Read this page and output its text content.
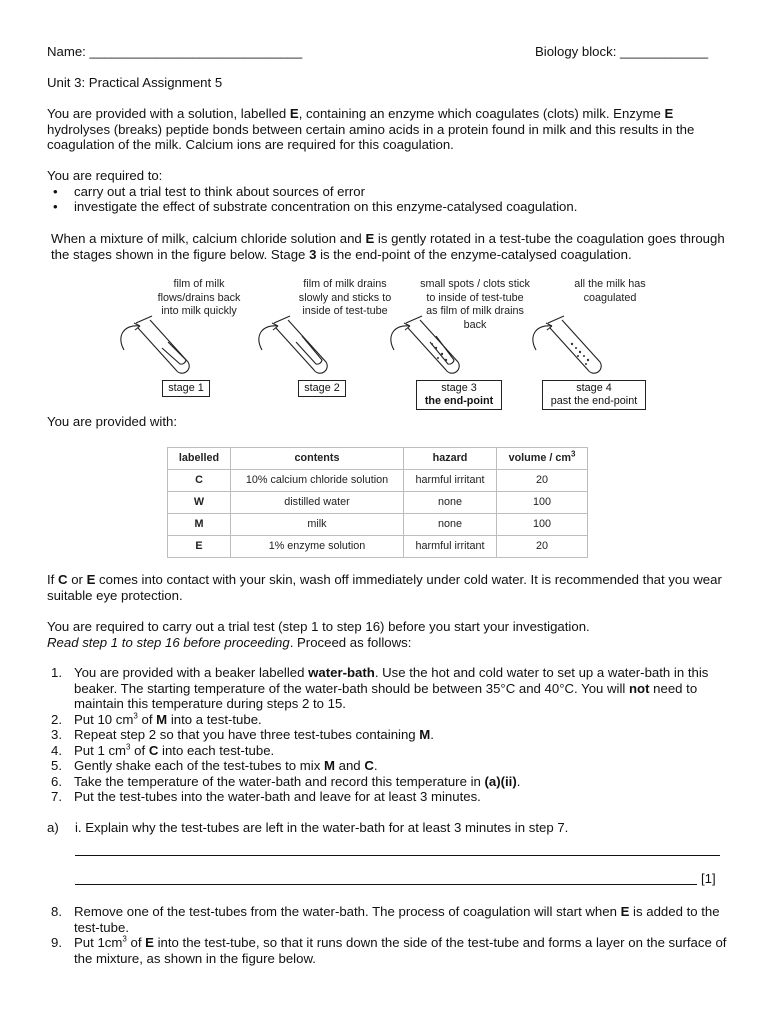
Name: _____________________________	Biology block: ____________
Unit 3: Practical Assignment 5

You are provided with a solution, labelled E, containing an enzyme which coagulates (clots) milk. Enzyme E hydrolyses (breaks) peptide bonds between certain amino acids in a protein found in milk and this results in the coagulation of the milk. Calcium ions are required for this coagulation.

You are required to:
• carry out a trial test to think about sources of error
• investigate the effect of substrate concentration on this enzyme-catalysed coagulation.

When a mixture of milk, calcium chloride solution and E is gently rotated in a test-tube the coagulation goes through the stages shown in the figure below. Stage 3 is the end-point of the enzyme-catalysed coagulation.

film of milk flows/drains back into milk quickly
film of milk drains slowly and sticks to inside of test-tube
small spots / clots stick to inside of test-tube as film of milk drains back
all the milk has coagulated
stage 1	stage 2	stage 3
the end-point
stage 4
past the end-point
You are provided with:
labelled	contents	hazard	volume / $cm^3$
C	10% calcium chloride solution	harmful irritant	20
W	distilled water	none	100
M	milk	none	100
E	1% enzyme solution	harmful irritant	20

If C or E comes into contact with your skin, wash off immediately under cold water. It is recommended that you wear suitable eye protection.

You are required to carry out a trial test (step 1 to step 16) before you start your investigation.
Read step 1 to step 16 before proceeding. Proceed as follows:

1. You are provided with a beaker labelled water-bath. Use the hot and cold water to set up a water-bath in this beaker. The starting temperature of the water-bath should be between 35°C and 40°C. You will not need to maintain this temperature during steps 2 to 15.
2. Put 10 $cm^3$ of M into a test-tube.
3. Repeat step 2 so that you have three test-tubes containing M.
4. Put 1 $cm^3$ of C into each test-tube.
5. Gently shake each of the test-tubes to mix M and C.
6. Take the temperature of the water-bath and record this temperature in (a)(ii).
7. Put the test-tubes into the water-bath and leave for at least 3 minutes.
a) i. Explain why the test-tubes are left in the water-bath for at least 3 minutes in step 7.
[1]
8. Remove one of the test-tubes from the water-bath. The process of coagulation will start when E is added to the test-tube.
9. Put $1cm^3$ of E into the test-tube, so that it runs down the side of the test-tube and forms a layer on the surface of the mixture, as shown in the figure below.
